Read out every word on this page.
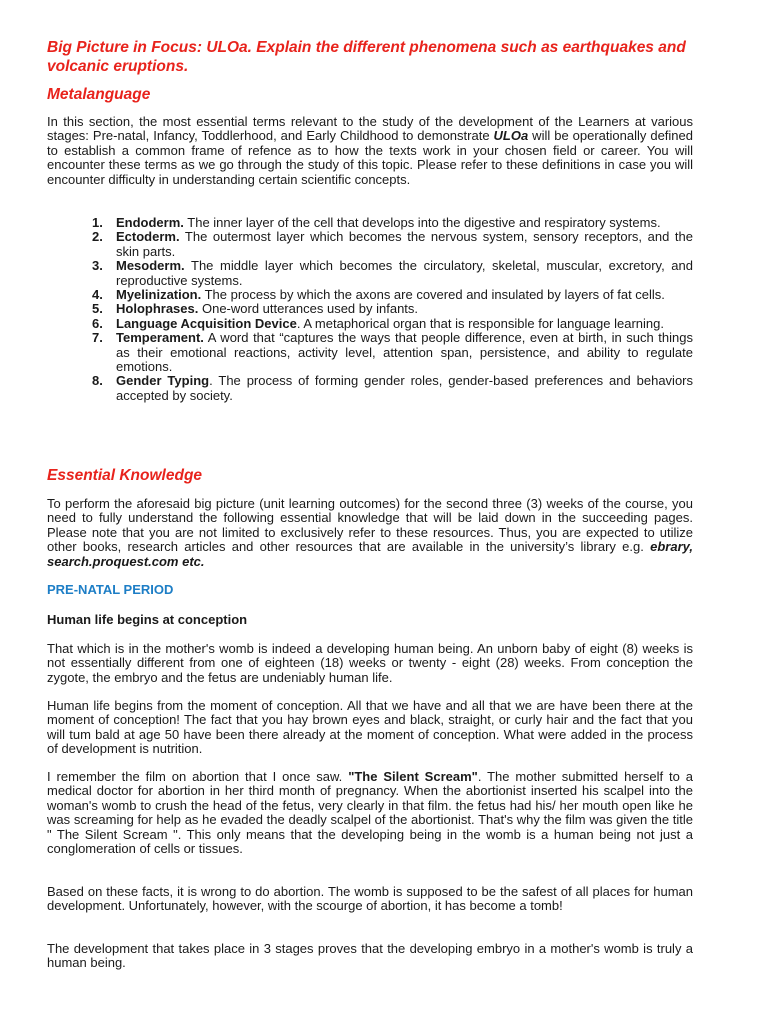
Big Picture in Focus: ULOa. Explain the different phenomena such as earthquakes and volcanic eruptions.

Metalanguage

In this section, the most essential terms relevant to the study of the development of the Learners at various stages: Pre-natal, Infancy, Toddlerhood, and Early Childhood to demonstrate ULOa will be operationally defined to establish a common frame of refence as to how the texts work in your chosen field or career. You will encounter these terms as we go through the study of this topic. Please refer to these definitions in case you will encounter difficulty in understanding certain scientific concepts.

1. Endoderm. The inner layer of the cell that develops into the digestive and respiratory systems.
2. Ectoderm. The outermost layer which becomes the nervous system, sensory receptors, and the skin parts.
3. Mesoderm. The middle layer which becomes the circulatory, skeletal, muscular, excretory, and reproductive systems.
4. Myelinization. The process by which the axons are covered and insulated by layers of fat cells.
5. Holophrases. One-word utterances used by infants.
6. Language Acquisition Device. A metaphorical organ that is responsible for language learning.
7. Temperament. A word that “captures the ways that people difference, even at birth, in such things as their emotional reactions, activity level, attention span, persistence, and ability to regulate emotions.
8. Gender Typing. The process of forming gender roles, gender-based preferences and behaviors accepted by society.

Essential Knowledge

To perform the aforesaid big picture (unit learning outcomes) for the second three (3) weeks of the course, you need to fully understand the following essential knowledge that will be laid down in the succeeding pages. Please note that you are not limited to exclusively refer to these resources. Thus, you are expected to utilize other books, research articles and other resources that are available in the university’s library e.g. ebrary, search.proquest.com etc.

PRE-NATAL PERIOD

Human life begins at conception

That which is in the mother's womb is indeed a developing human being. An unborn baby of eight (8) weeks is not essentially different from one of eighteen (18) weeks or twenty - eight (28) weeks. From conception the zygote, the embryo and the fetus are undeniably human life.

Human life begins from the moment of conception. All that we have and all that we are have been there at the moment of conception! The fact that you hay brown eyes and black, straight, or curly hair and the fact that you will tum bald at age 50 have been there already at the moment of conception. What were added in the process of development is nutrition.

I remember the film on abortion that I once saw. "The Silent Scream". The mother submitted herself to a medical doctor for abortion in her third month of pregnancy. When the abortionist inserted his scalpel into the woman's womb to crush the head of the fetus, very clearly in that film. the fetus had his/ her mouth open like he was screaming for help as he evaded the deadly scalpel of the abortionist. That's why the film was given the title " The Silent Scream ". This only means that the developing being in the womb is a human being not just a conglomeration of cells or tissues.

Based on these facts, it is wrong to do abortion. The womb is supposed to be the safest of all places for human development. Unfortunately, however, with the scourge of abortion, it has become a tomb!

The development that takes place in 3 stages proves that the developing embryo in a mother's womb is truly a human being.
